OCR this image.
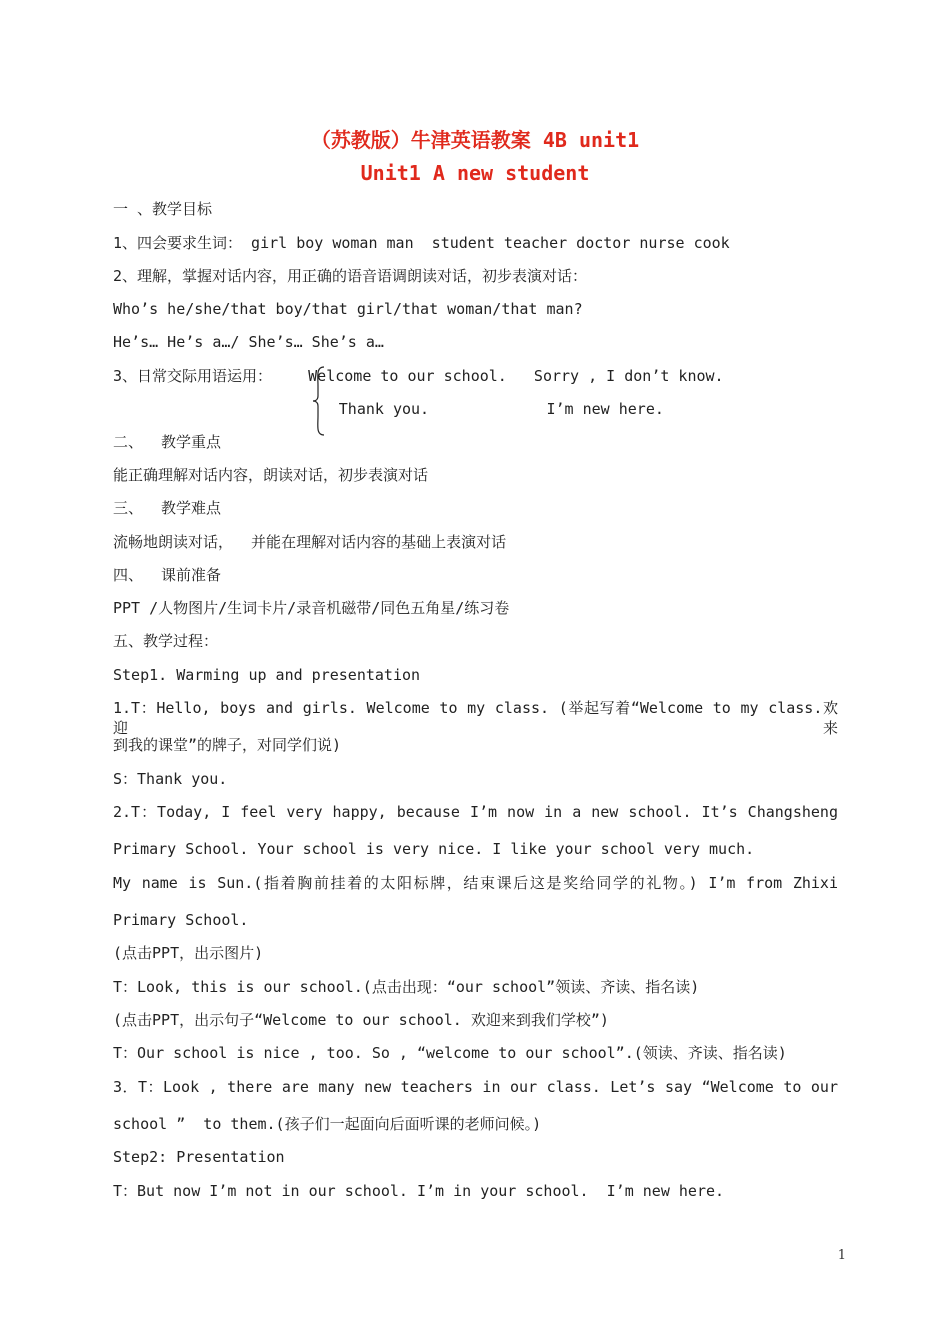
（苏教版）牛津英语教案 4B unit1
Unit1 A new student
一 、教学目标
1、四会要求生词： girl boy woman man  student teacher doctor nurse cook
2、理解，掌握对话内容，用正确的语音语调朗读对话，初步表演对话：
Who’s he/she/that boy/that girl/that woman/that man?
He’s… He’s a…/ She’s… She’s a…
3、日常交际用语运用：    Welcome to our school.   Sorry , I don’t know.
Thank you.             I’m new here.
二、  教学重点
能正确理解对话内容，朗读对话，初步表演对话
三、  教学难点
流畅地朗读对话，  并能在理解对话内容的基础上表演对话
四、  课前准备
PPT /人物图片/生词卡片/录音机磁带/同色五角星/练习卷
五、教学过程：
Step1. Warming up and presentation
1.T：Hello, boys and girls. Welcome to my class. (举起写着“Welcome to my class.欢迎来
到我的课堂”的牌子，对同学们说)
S：Thank you.
2.T：Today, I feel very happy, because I’m now in a new school. It’s Changsheng
Primary School. Your school is very nice. I like your school very much.
My name is Sun.(指着胸前挂着的太阳标牌，结束课后这是奖给同学的礼物。) I’m from Zhixi
Primary School.
(点击PPT，出示图片)
T：Look, this is our school.(点击出现：“our school”领读、齐读、指名读)
(点击PPT，出示句子“Welcome to our school. 欢迎来到我们学校”)
T：Our school is nice , too. So , “welcome to our school”.(领读、齐读、指名读)
3．T：Look , there are many new teachers in our class. Let’s say “Welcome to our
school ”  to them.(孩子们一起面向后面听课的老师问候。)
Step2: Presentation
T：But now I’m not in our school. I’m in your school.  I’m new here.
1
